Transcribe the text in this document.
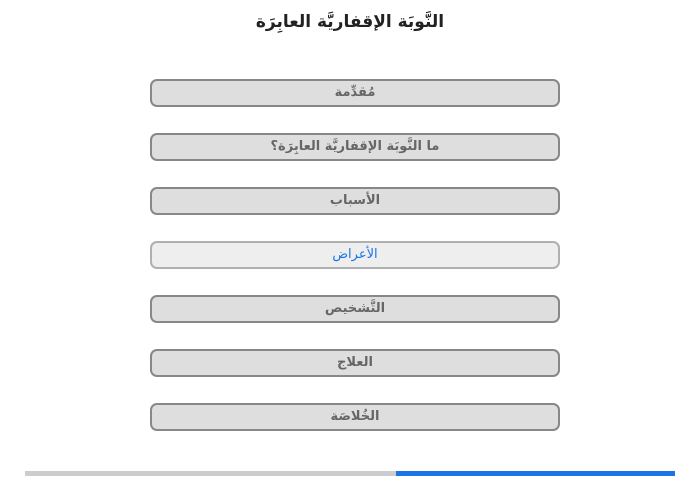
النَّوبَة الإقفاريَّة العابِرَة
مُقدِّمة
ما النَّوبَة الإقفاريَّة العابِرَة؟
الأسباب
الأعراض
التَّشخيص
العلاج
الخُلاصَة
